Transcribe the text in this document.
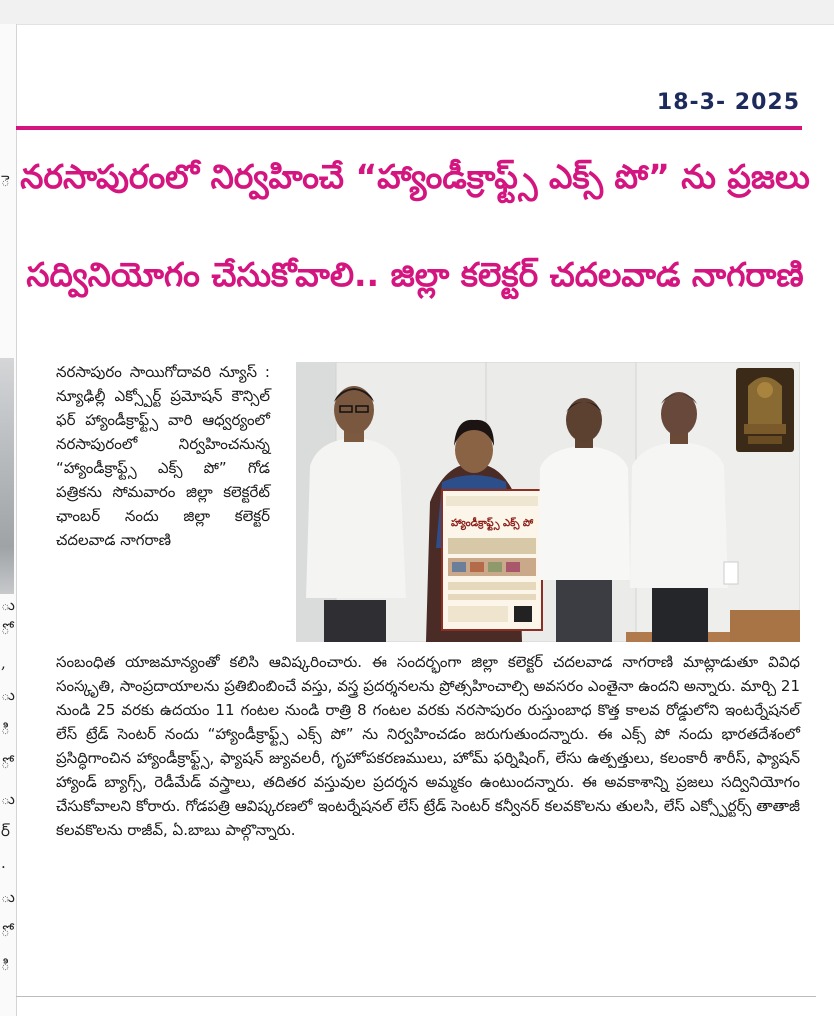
ె
ు
ో
,
ు
ి
ో
ు
ర్
.
ు
ో
ి
18-3- 2025
నరసాపురంలో నిర్వహించే “హ్యాండీక్రాఫ్ట్స్ ఎక్స్ పో” ను ప్రజలు
సద్వినియోగం చేసుకోవాలి.. జిల్లా కలెక్టర్ చదలవాడ నాగరాణి
నరసాపురం సాయిగోదావరి న్యూస్ : న్యూఢిల్లీ ఎక్స్పోర్ట్ ప్రమోషన్ కౌన్సిల్ ఫర్ హ్యాండీక్రాఫ్ట్స్ వారి ఆధ్వర్యంలో నరసాపురంలో నిర్వహించనున్న “హ్యాండీక్రాఫ్ట్స్ ఎక్స్ పో” గోడ పత్రికను సోమవారం జిల్లా కలెక్టరేట్ ఛాంబర్ నందు జిల్లా కలెక్టర్ చదలవాడ నాగరాణి
హ్యాండీక్రాఫ్ట్స్ ఎక్స్ పో
సంబంధిత యాజమాన్యంతో కలిసి ఆవిష్కరించారు. ఈ సందర్భంగా జిల్లా కలెక్టర్ చదలవాడ నాగరాణి మాట్లాడుతూ వివిధ సంస్కృతి, సాంప్రదాయాలను ప్రతిబింబించే వస్తు, వస్త్ర ప్రదర్శనలను ప్రోత్సహించాల్సి అవసరం ఎంతైనా ఉందని అన్నారు. మార్చి 21 నుండి 25 వరకు ఉదయం 11 గంటల నుండి రాత్రి 8 గంటల వరకు నరసాపురం రుస్తుంబాధ కొత్త కాలవ రోడ్డులోని ఇంటర్నేషనల్ లేస్ ట్రేడ్ సెంటర్ నందు “హ్యాండీక్రాఫ్ట్స్ ఎక్స్ పో” ను నిర్వహించడం జరుగుతుందన్నారు. ఈ ఎక్స్ పో నందు భారతదేశంలో ప్రసిద్ధిగాంచిన హ్యాండీక్రాఫ్ట్స్, ఫ్యాషన్ జ్యువలరీ, గృహోపకరణములు, హోమ్ ఫర్నిషింగ్, లేసు ఉత్పత్తులు, కలంకారీ శారీస్, ఫ్యాషన్ హ్యాండ్ బ్యాగ్స్, రెడీమేడ్ వస్త్రాలు, తదితర వస్తువుల ప్రదర్శన అమ్మకం ఉంటుందన్నారు. ఈ అవకాశాన్ని ప్రజలు సద్వినియోగం చేసుకోవాలని కోరారు. గోడపత్రి ఆవిష్కరణలో ఇంటర్నేషనల్ లేస్ ట్రేడ్ సెంటర్ కన్వీనర్ కలవకొలను తులసి, లేస్ ఎక్స్పోర్టర్స్ తాతాజీ కలవకొలను రాజీవ్, ఏ.బాబు పాల్గొన్నారు.
